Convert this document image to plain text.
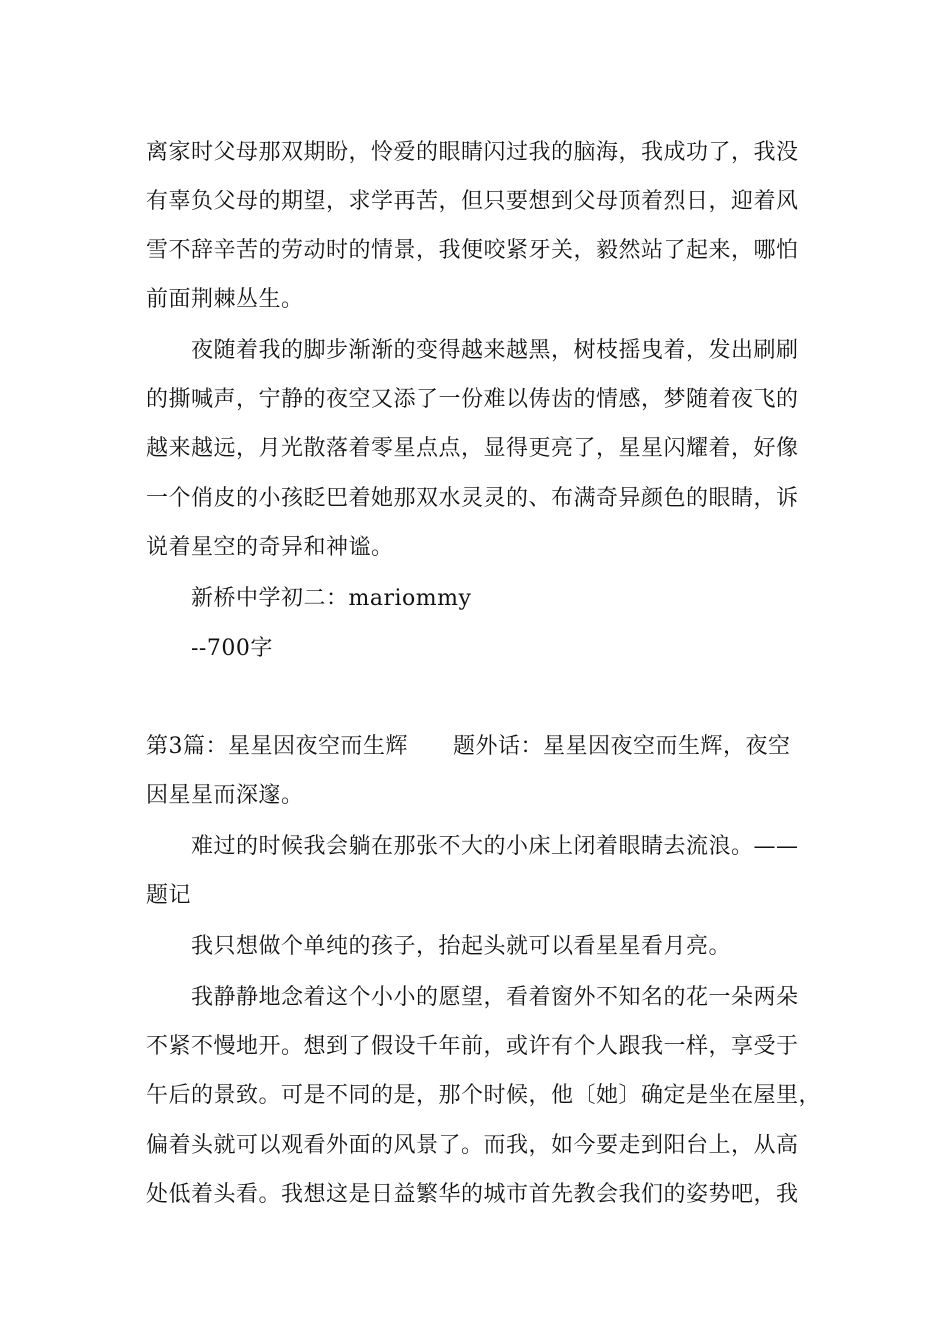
离家时父母那双期盼，怜爱的眼睛闪过我的脑海，我成功了，我没
有辜负父母的期望，求学再苦，但只要想到父母顶着烈日，迎着风
雪不辞辛苦的劳动时的情景，我便咬紧牙关，毅然站了起来，哪怕
前面荆棘丛生。
夜随着我的脚步渐渐的变得越来越黑，树枝摇曳着，发出刷刷
的撕喊声，宁静的夜空又添了一份难以俦齿的情感，梦随着夜飞的
越来越远，月光散落着零星点点，显得更亮了，星星闪耀着，好像
一个俏皮的小孩眨巴着她那双水灵灵的、布满奇异颜色的眼睛，诉
说着星空的奇异和神谧。
新桥中学初二：mariommy
--700字
第3篇：星星因夜空而生辉　　题外话：星星因夜空而生辉，夜空
因星星而深邃。
难过的时候我会躺在那张不大的小床上闭着眼睛去流浪。——
题记
我只想做个单纯的孩子，抬起头就可以看星星看月亮。
我静静地念着这个小小的愿望，看着窗外不知名的花一朵两朵
不紧不慢地开。想到了假设千年前，或许有个人跟我一样，享受于
午后的景致。可是不同的是，那个时候，他〔她〕确定是坐在屋里，
偏着头就可以观看外面的风景了。而我，如今要走到阳台上，从高
处低着头看。我想这是日益繁华的城市首先教会我们的姿势吧，我
